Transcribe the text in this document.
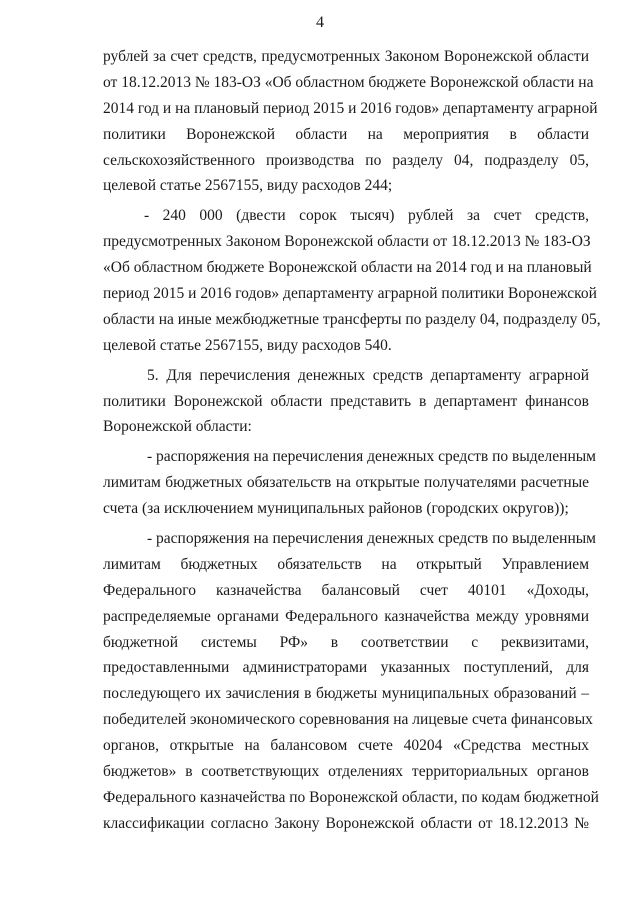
4
рублей за счет средств, предусмотренных Законом Воронежской области
от 18.12.2013 № 183-ОЗ «Об областном бюджете Воронежской области на
2014 год и на плановый период 2015 и 2016 годов» департаменту аграрной
политики Воронежской области на мероприятия в области
сельскохозяйственного производства по разделу 04, подразделу 05,
целевой статье 2567155, виду расходов 244;
- 240 000 (двести сорок тысяч) рублей за счет средств,
предусмотренных Законом Воронежской области от 18.12.2013 № 183-ОЗ
«Об областном бюджете Воронежской области на 2014 год и на плановый
период 2015 и 2016 годов» департаменту аграрной политики Воронежской
области на иные межбюджетные трансферты по разделу 04, подразделу 05,
целевой статье 2567155, виду расходов 540.
5. Для перечисления денежных средств департаменту аграрной
политики Воронежской области представить в департамент финансов
Воронежской области:
- распоряжения на перечисления денежных средств по выделенным
лимитам бюджетных обязательств на открытые получателями расчетные
счета (за исключением муниципальных районов (городских округов));
- распоряжения на перечисления денежных средств по выделенным
лимитам бюджетных обязательств на открытый Управлением
Федерального казначейства балансовый счет 40101 «Доходы,
распределяемые органами Федерального казначейства между уровнями
бюджетной системы РФ» в соответствии с реквизитами,
предоставленными администраторами указанных поступлений, для
последующего их зачисления в бюджеты муниципальных образований –
победителей экономического соревнования на лицевые счета финансовых
органов, открытые на балансовом счете 40204 «Средства местных
бюджетов» в соответствующих отделениях территориальных органов
Федерального казначейства по Воронежской области, по кодам бюджетной
классификации согласно Закону Воронежской области от 18.12.2013 №
